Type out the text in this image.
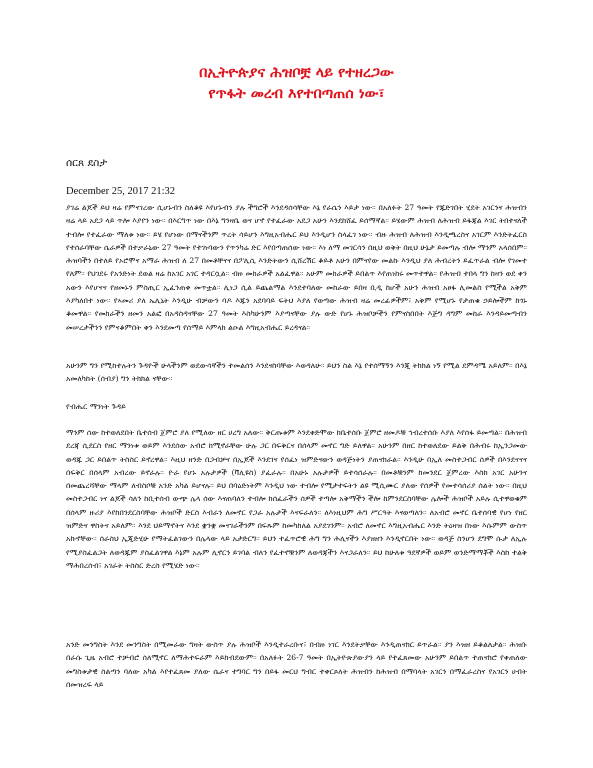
በኢትዮጵያና ሕዝቦቿ ላይ የተዘረጋው
የጥፋት መረብ እየተበጣጠሰ ነው፣
ሰርጸ ደስታ
December 25, 2017 21:32
ያገሬ ልጆች ይህ ዛሬ የምናገረው ሲሆኑብን ስለቆዩ እየሆኑብን ያሉ ችግሮች እንደዳሰሳቸው እኔ የራሴን እይታ ነው። በአለፉት 27 ዓመት የጁድገበት ሂደት አገርንና ሕዝብን ዛሬ ላይ አደጋ ላይ ጥሎ እያየን ነው። በእርግጥ ነው በእኔ ግንዛቤ ወና ሆኖ የተፈራው አደጋ አሁን እንደከሸፈ ይሰማኛል። ይሄውም ሕዝብ ለሕዝብ ይፋጃል እገር ትበተናለች ተብሎ የተፈራው ማለቱ ነው። ይሄ የሆነው በማናችንም ጥረት ሳይሆን እግዚአብሔር ይህ እንዲሆን ስላፈገ ነው። ብዙ ሕዝብ ለሕዝብ እንዲጫረስና አገርም እንድትፈርስ የተሰራባቸው ሴራዎች በተቃራኒው 27 ዓመት የተገነባውን የጥንካሬ ድር እየበጣጠሰው ነው። እነ ለማ መገርሳን በዚህ ወቅት በዚህ ሁኔታ ይመጣሉ ብሎ ማንም አላሰበም። ሕዝባችን በተለይ የኦሮሞና አማራ ሕዝብ ለ 27 በመቶቸናና በፖሊሲ እንድትውን ሲሸረሽር ቆይቶ አሁን በምናየው መልኩ እንዲህ ያለ ሕብረትን ይፈጥራል ብሎ የገመተ የለም። የህገደሩ የአንድነት ደወል ዛሬ ከአገር አገር ተዳርሷል። ብዙ መከራዎች አልፈዋል። አሁም መከራዎች ይበልጥ እየጠነከሩ መጥተዋል። የሕዝብ ተበላ ግን ከዛን ወደ ቀን አውን እየሆናና የዘመኑን ምስጢር ኢፈንጠቀ መጥቷል። ሊነጋ ሲል ይጨልማል እንደተባለው መከራው ይበዛ ቢዲ ከሆች አሁን ሕዝብ አፀፋ ሊመልስ የሚችል አቅም እያካለበተ ነው። የኣመሪ ያለ ኤሊኒት እንዲሁ ብቻውን ባዶ እጁን አደባባይ ፍትህ እያለ የወጣው ሕዝብ ዛሬ መረፊዎችም፣ አቅም የሚሆኑ የታጠቁ ኃይሎችም ከጎኑ ቆመዋል። የመከራችን ዘመን አልፎ በአዳስዳናቸው 27 ዓመት እስካሁንም እያጣናቸው ያሉ ውድ የሆኑ ሕዝቦቻችን የምናስበበት እጅግ ዳግም መከራ እንዳይመጣብን መሠረታችንን የምናቆምበት ቀን እንደመጣ የሰማይ እምላክ ልዑል እግዚአብሔር ይረዳናል።
አሁንም ግን የሚከተሉትን ጉዳዮች ሁላችንም ወደውሳኛችን ተመልሰን እንደናስባቸው እወዳለሁ። ይህን ስል እኔ የተሰማኝን እንጂ ትክክል ነኝ የሚል ደምዳሜ አይለም። በእኔ አመለካከት (ሰብያ) ግን ትክክል ናቸው።
የብሔር ማንነት ጉዳይ
ማንም ሰው ከተወለደበት ቤተሰብ ጀምሮ ያለ የሚለው ዘር ሀረግ አለው። ቅርጡቱም እንደቀድሞው ከቤተሰቡ ጀምሮ ዘመዶቹ ኅብረተሰቡ እያለ እየሰፋ ይመጣል። በሕዝብ ደረጃ ሲደርስ የዘር ማንነቱ ወይም እንደሰው አብሮ ከሚኖራቸው ሁሉ ጋር በፍቅርና በሰላም መኖር ግድ ይለዋል። አሁንም በዘር ከተወለደው ይልቅ በሕብሩ ከኢንጋመው ወዳጁ ጋር ይበልጥ ትስስር ይኖረዋል። እዚህ ዘንድ በጋብቻና በኢጆች እንደገና የሰፈነ ዝምድናውን ወዳጅነትን ያጠናክራል። እንዲሁ በኢለ መስተጋብር ሰዎች በእንደናናና በፍቅር በሰላም አብረው ይኖራሉ። ዮራ የሆኑ አሉታዎች (ቫሊዩስ) ያፈራሉ። በአሁኑ አሉታዎች ይተሳሰራሉ። በመቶቹንም ከመንደር ጀምረው እስከ አገር አሁንና በመጨረሻቸው ማላም ለብስቦቹ አንድ አካል ይሆናሉ። ይህ በባዕድነትም እንዲህ ነው ተብሎ የሚታተፍትን ልዩ ሚሲሙር ያለው የሰዎች የመተሳሰሪያ ሰልት ነው። በዚህ መስተጋብር ነና ልጆች ሳለን ከቢተሰብ ውጭ ሌላ ሰው እናጠባለን ተብሎ ከሰፈራችን ሰዎች ተጣሎ አቅማችን ችሎ ከምንደርስባቸው ሌሎች ሕዝቦች አይሉ ሲተዋወቁም በሰላም ዙሪያ እየከበንደርስባቸው ሕዝቦች ድርስ እብራን ለመኖር የጋራ አሉታች እናፍራለን። ለእነዚህም ሕግ ሥርዓት እናወጣለን። ለአብሮ መኖር ቤተሰባዊ የሆነ የዘር ዝምድና ዋስትና አይለም። እንደ ህይማኖትና እንደ ቋንቋ መናገራችንም በፍጹም ከመካከለል አያደገንም። አብሮ ለመኖር እግዚአብሔር እንድ ትዕዛዝ በነው እሱምም ውስጥ አኩኖቸው። ሰራስህ ኢጂድሂሁ የማትፈልገውን በሌላው ላይ አታድርግ። ይህን ተፈጥሮዊ ሕግ ግን ሕሊናችን እያዘዘን እንዲኖርበት ነው። ወዳጅ ስንሆን ደግሞ ሱታ ለኢሉ የሚያስፈልጋት ለወዳጁም ያስፈልገዋል እኔም አሉም ሊኖርን ይገባል ብለን የፈተኖቹንም ለወዳጃችን እናጋራለን። ይህ ከሁለቱ ዓደኛዎች ወይም ወንድማማቾች እስከ ተልቅ ማሕበረሰብ፣ አገራት ትስስር ድረስ የሚሄድ ነው።
አንድ መንግስት እንደ መንግስት በሚመራው ግዛት ውስጥ ያሉ ሕዝቦች እንዲተራረቡና፣ በብዙ ነገር እንደትቃቸው እንዲጠናክር ይጥራል። ያን እዝዘ ይቆልለታል። ሕዝቡ በራሱ ጊዜ አብሮ ተቻብሮ ሰለሚኖር ለማሕተፍራም እይከብደውም። በአለፉት 26-7 ዓመት በኢትዮጵያውያን ላይ የተፈጸመው አሁንም ይበልጥ ተጠናክሮ የቀጠለው መግስቱታዊ ስልጣን ባለው አካል እየተፈጸመ ያለው ሴራና ተግባር ግን በይፋ መርህ ግብር ተቀርጾለት ሕዝብን ከሕዝብ በማባላት አገርን በማፈራረስና የአገርን ሀብት በመዝረፍ ላይ
